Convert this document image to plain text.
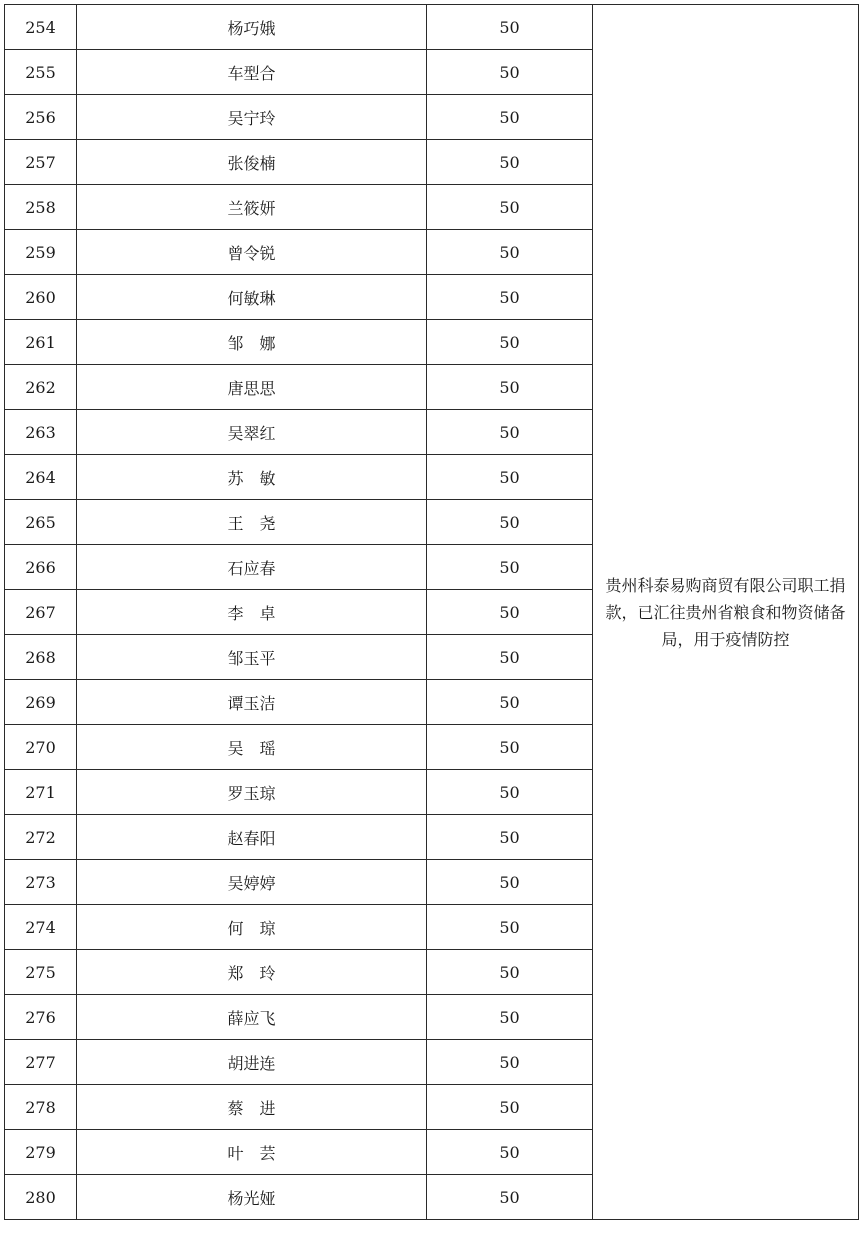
254	杨巧娥	50	贵州科泰易购商贸有限公司职工捐款，已汇往贵州省粮食和物资储备局，用于疫情防控
255	车型合	50	
256	吴宁玲	50	
257	张俊楠	50	
258	兰筱妍	50	
259	曾令锐	50	
260	何敏琳	50	
261	邹　娜	50	
262	唐思思	50	
263	吴翠红	50	
264	苏　敏	50	
265	王　尧	50	
266	石应春	50	
267	李　卓	50	
268	邹玉平	50	
269	谭玉洁	50	
270	吴　瑶	50	
271	罗玉琼	50	
272	赵春阳	50	
273	吴婷婷	50	
274	何　琼	50	
275	郑　玲	50	
276	薛应飞	50	
277	胡进连	50	
278	蔡　进	50	
279	叶　芸	50	
280	杨光娅	50	
